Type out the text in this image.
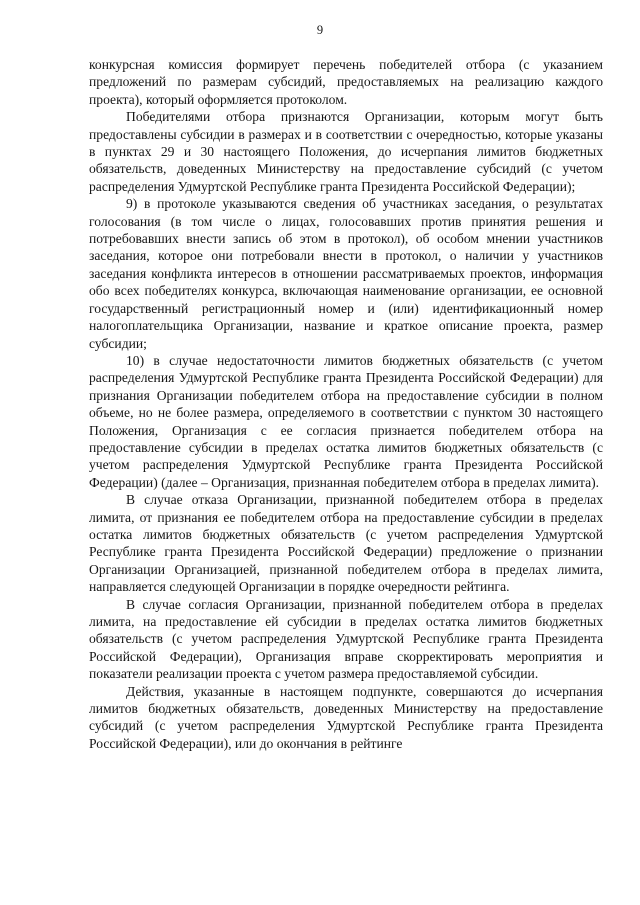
9

конкурсная комиссия формирует перечень победителей отбора (с указанием предложений по размерам субсидий, предоставляемых на реализацию каждого проекта), который оформляется протоколом.

Победителями отбора признаются Организации, которым могут быть предоставлены субсидии в размерах и в соответствии с очередностью, которые указаны в пунктах 29 и 30 настоящего Положения, до исчерпания лимитов бюджетных обязательств, доведенных Министерству на предоставление субсидий (с учетом распределения Удмуртской Республике гранта Президента Российской Федерации);

9) в протоколе указываются сведения об участниках заседания, о результатах голосования (в том числе о лицах, голосовавших против принятия решения и потребовавших внести запись об этом в протокол), об особом мнении участников заседания, которое они потребовали внести в протокол, о наличии у участников заседания конфликта интересов в отношении рассматриваемых проектов, информация обо всех победителях конкурса, включающая наименование организации, ее основной государственный регистрационный номер и (или) идентификационный номер налогоплательщика Организации, название и краткое описание проекта, размер субсидии;

10) в случае недостаточности лимитов бюджетных обязательств (с учетом распределения Удмуртской Республике гранта Президента Российской Федерации) для признания Организации победителем отбора на предоставление субсидии в полном объеме, но не более размера, определяемого в соответствии с пунктом 30 настоящего Положения, Организация с ее согласия признается победителем отбора на предоставление субсидии в пределах остатка лимитов бюджетных обязательств (с учетом распределения Удмуртской Республике гранта Президента Российской Федерации) (далее – Организация, признанная победителем отбора в пределах лимита).

В случае отказа Организации, признанной победителем отбора в пределах лимита, от признания ее победителем отбора на предоставление субсидии в пределах остатка лимитов бюджетных обязательств (с учетом распределения Удмуртской Республике гранта Президента Российской Федерации) предложение о признании Организации Организацией, признанной победителем отбора в пределах лимита, направляется следующей Организации в порядке очередности рейтинга.

В случае согласия Организации, признанной победителем отбора в пределах лимита, на предоставление ей субсидии в пределах остатка лимитов бюджетных обязательств (с учетом распределения Удмуртской Республике гранта Президента Российской Федерации), Организация вправе скорректировать мероприятия и показатели реализации проекта с учетом размера предоставляемой субсидии.

Действия, указанные в настоящем подпункте, совершаются до исчерпания лимитов бюджетных обязательств, доведенных Министерству на предоставление субсидий (с учетом распределения Удмуртской Республике гранта Президента Российской Федерации), или до окончания в рейтинге
